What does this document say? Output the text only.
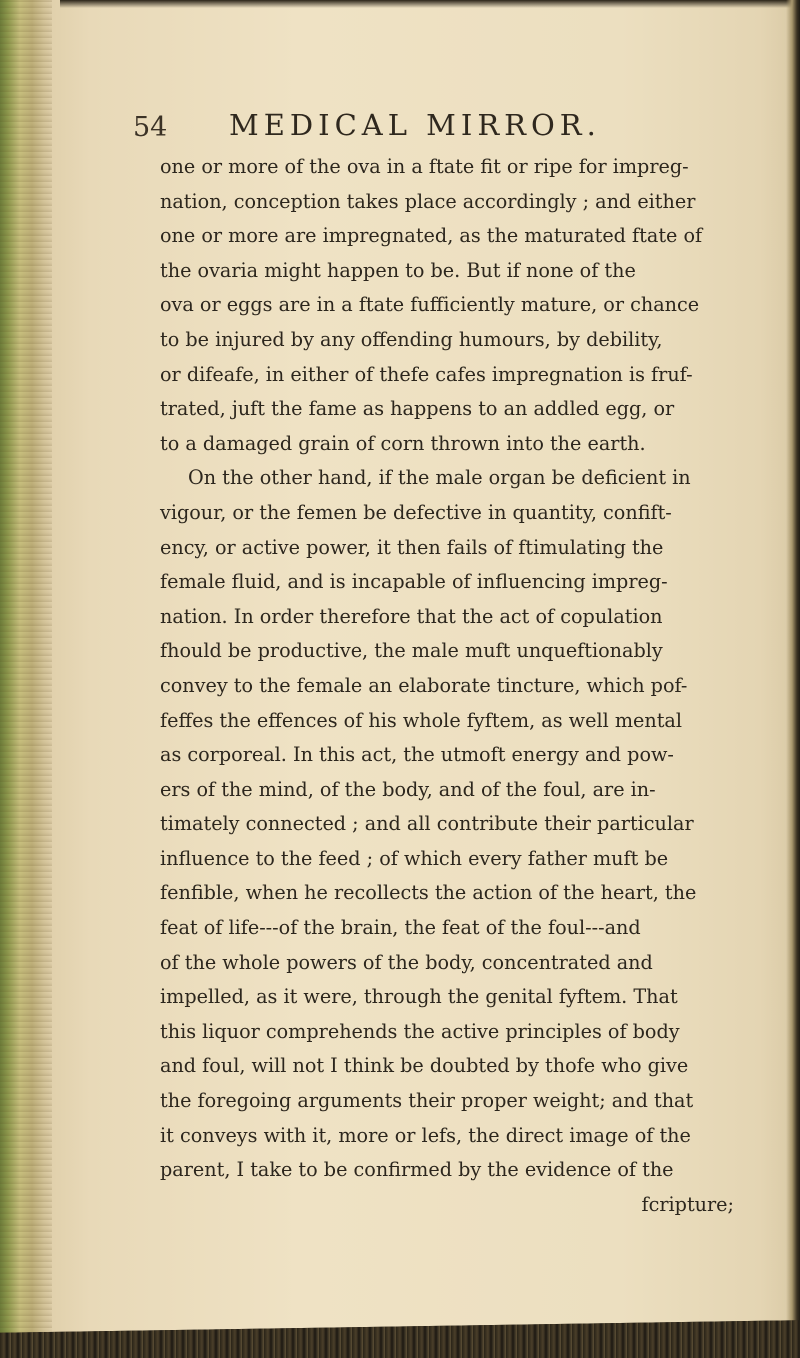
54 MEDICAL MIRROR.
one or more of the ova in a ftate fit or ripe for impreg-
nation, conception takes place accordingly ; and either
one or more are impregnated, as the maturated ftate of
the ovaria might happen to be. But if none of the
ova or eggs are in a ftate fufficiently mature, or chance
to be injured by any offending humours, by debility,
or difeafe, in either of thefe cafes impregnation is fruf-
trated, juft the fame as happens to an addled egg, or
to a damaged grain of corn thrown into the earth.
On the other hand, if the male organ be deficient in
vigour, or the femen be defective in quantity, confift-
ency, or active power, it then fails of ftimulating the
female fluid, and is incapable of influencing impreg-
nation. In order therefore that the act of copulation
fhould be productive, the male muft unqueftionably
convey to the female an elaborate tincture, which pof-
feffes the effences of his whole fyftem, as well mental
as corporeal. In this act, the utmoft energy and pow-
ers of the mind, of the body, and of the foul, are in-
timately connected ; and all contribute their particular
influence to the feed ; of which every father muft be
fenfible, when he recollects the action of the heart, the
feat of life---of the brain, the feat of the foul---and
of the whole powers of the body, concentrated and
impelled, as it were, through the genital fyftem. That
this liquor comprehends the active principles of body
and foul, will not I think be doubted by thofe who give
the foregoing arguments their proper weight; and that
it conveys with it, more or lefs, the direct image of the
parent, I take to be confirmed by the evidence of the
fcripture;
